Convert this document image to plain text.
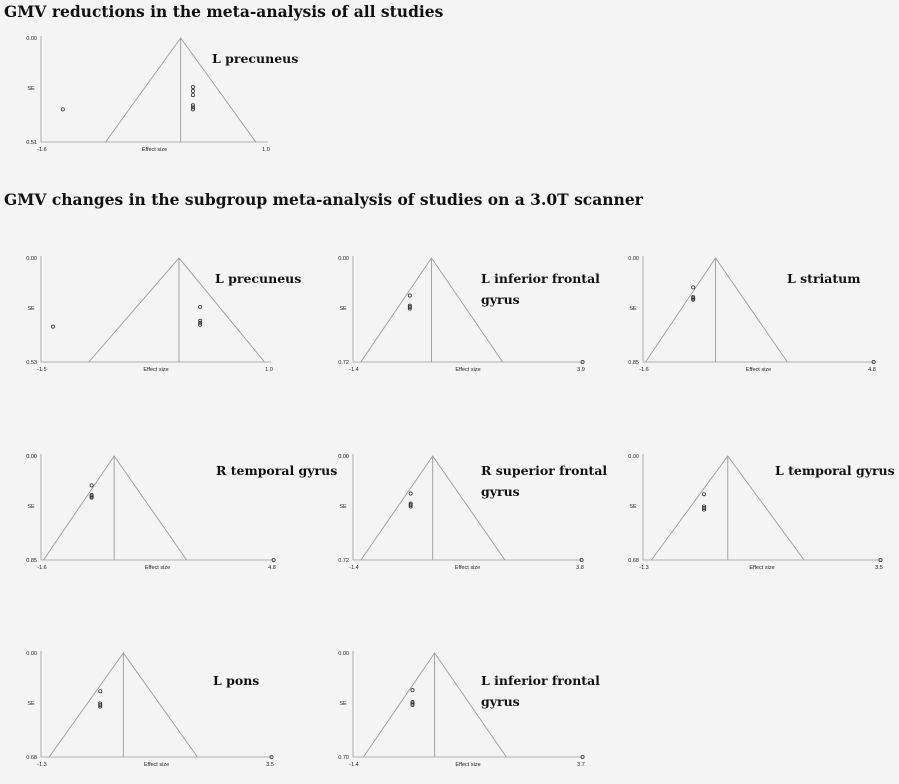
GMV reductions in the meta-analysis of all studies
GMV changes in the subgroup meta-analysis of studies on a 3.0T scanner
0.00
0.51
SE
-1.6	1.0
Effect size
L precuneus
0.00
0.53
SE
-1.5	1.0
Effect size
L precuneus
0.00
0.72
SE
-1.4	3.9
Effect size
L inferior frontal
gyrus
0.00
0.85
SE
-1.6	4.8
Effect size
L striatum
0.00
0.85
SE
-1.6	4.8
Effect size
R temporal gyrus
0.00
0.72
SE
-1.4	3.8
Effect size
R superior frontal
gyrus
0.00
0.68
SE
-1.3	3.5
Effect size
L temporal gyrus
0.00
0.68
SE
-1.3	3.5
Effect size
L pons
0.00
0.70
SE
-1.4	3.7
Effect size
L inferior frontal
gyrus
